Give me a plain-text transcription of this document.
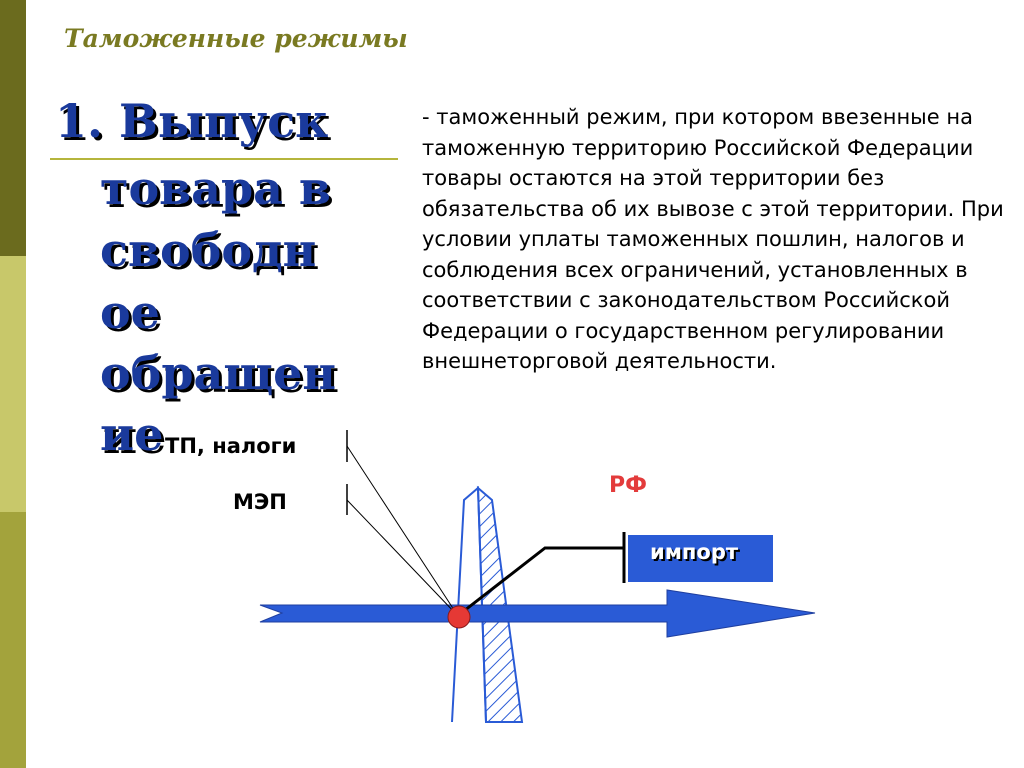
Таможенные режимы
1. Выпуск
товара в
свободн
ое
обращен
ие
- таможенный режим, при котором ввезенные на таможенную территорию Российской Федерации товары остаются на этой территории без обязательства об их вывозе с этой территории. При условии уплаты таможенных пошлин, налогов и соблюдения всех ограничений, установленных в соответствии с законодательством Российской Федерации о государственном регулировании внешнеторговой деятельности.
импорт
ТП, налоги
МЭП
РФ
